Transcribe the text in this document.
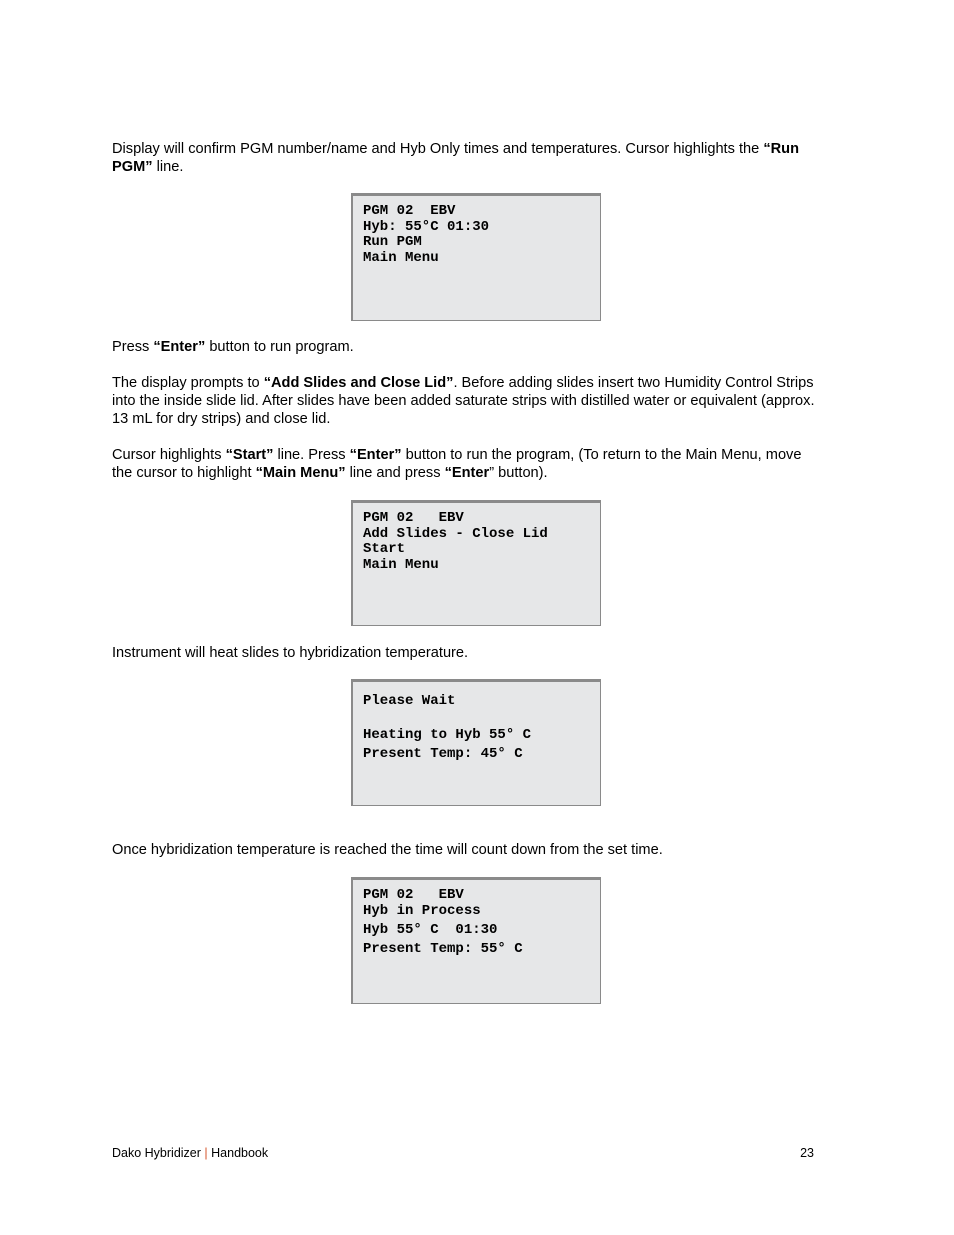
Display will confirm PGM number/name and Hyb Only times and temperatures. Cursor highlights the “Run PGM” line.

PGM 02  EBV
Hyb: 55°C 01:30
Run PGM
Main Menu

Press “Enter” button to run program.

The display prompts to “Add Slides and Close Lid”. Before adding slides insert two Humidity Control Strips into the inside slide lid. After slides have been added saturate strips with distilled water or equivalent (approx. 13 mL for dry strips) and close lid.

Cursor highlights “Start” line. Press “Enter” button to run the program, (To return to the Main Menu, move the cursor to highlight “Main Menu” line and press “Enter” button).

PGM 02   EBV
Add Slides - Close Lid
Start
Main Menu

Instrument will heat slides to hybridization temperature.

Please Wait
Heating to Hyb 55° C
Present Temp: 45° C

Once hybridization temperature is reached the time will count down from the set time.

PGM 02   EBV
Hyb in Process
Hyb 55° C  01:30
Present Temp: 55° C
Dako Hybridizer | Handbook	23
